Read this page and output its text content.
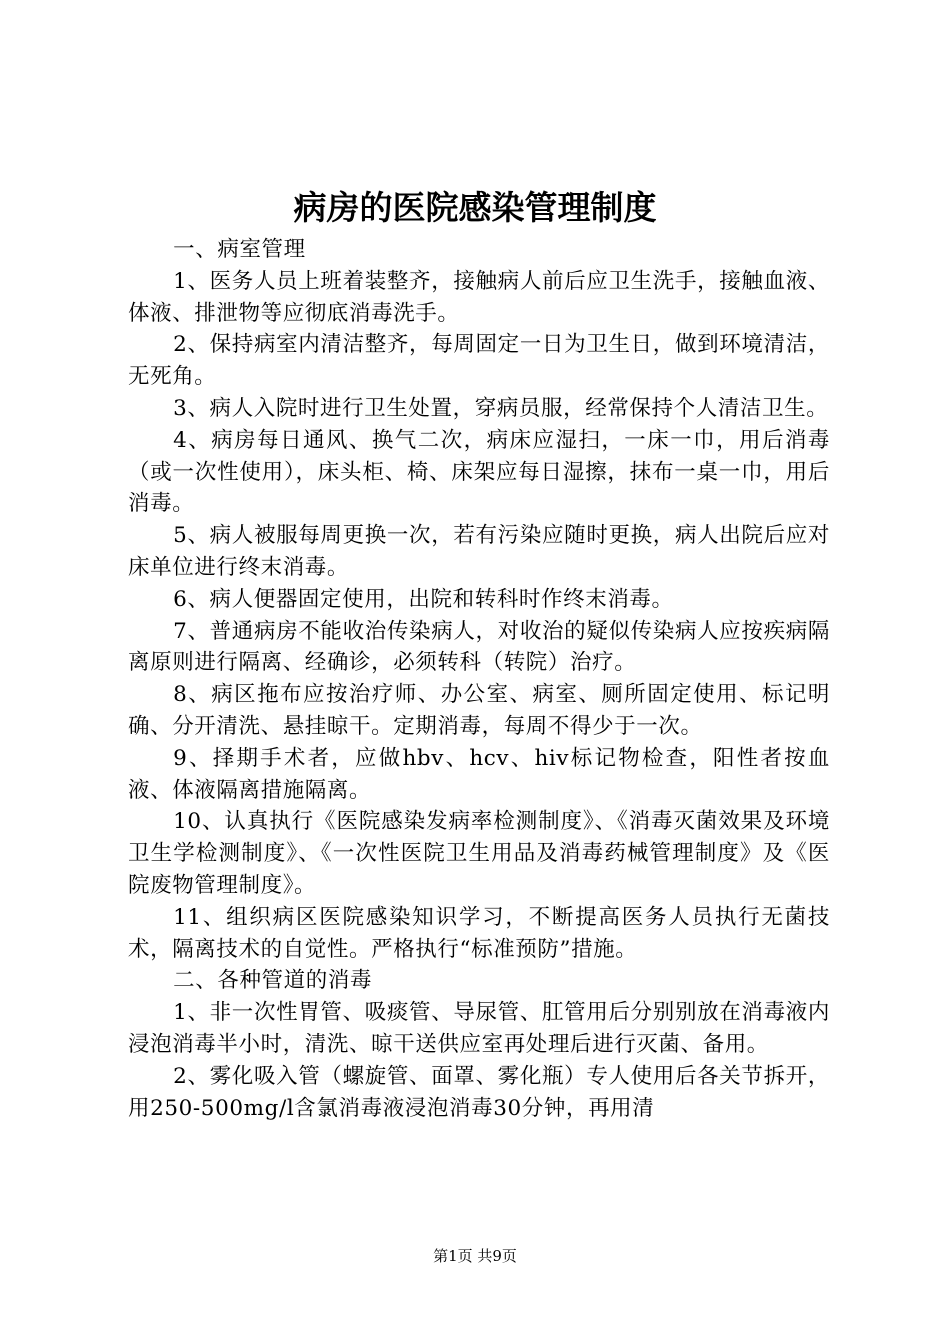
病房的医院感染管理制度

一、病室管理

1、医务人员上班着装整齐，接触病人前后应卫生洗手，接触血液、体液、排泄物等应彻底消毒洗手。

2、保持病室内清洁整齐，每周固定一日为卫生日，做到环境清洁，无死角。

3、病人入院时进行卫生处置，穿病员服，经常保持个人清洁卫生。

4、病房每日通风、换气二次，病床应湿扫，一床一巾，用后消毒（或一次性使用），床头柜、椅、床架应每日湿擦，抹布一桌一巾，用后消毒。

5、病人被服每周更换一次，若有污染应随时更换，病人出院后应对床单位进行终末消毒。

6、病人便器固定使用，出院和转科时作终末消毒。

7、普通病房不能收治传染病人，对收治的疑似传染病人应按疾病隔离原则进行隔离、经确诊，必须转科（转院）治疗。

8、病区拖布应按治疗师、办公室、病室、厕所固定使用、标记明确、分开清洗、悬挂晾干。定期消毒，每周不得少于一次。

9、择期手术者，应做hbv、hcv、hiv标记物检查，阳性者按血液、体液隔离措施隔离。

10、认真执行《医院感染发病率检测制度》、《消毒灭菌效果及环境卫生学检测制度》、《一次性医院卫生用品及消毒药械管理制度》及《医院废物管理制度》。

11、组织病区医院感染知识学习，不断提高医务人员执行无菌技术，隔离技术的自觉性。严格执行“标准预防”措施。

二、各种管道的消毒

1、非一次性胃管、吸痰管、导尿管、肛管用后分别别放在消毒液内浸泡消毒半小时，清洗、晾干送供应室再处理后进行灭菌、备用。

2、雾化吸入管（螺旋管、面罩、雾化瓶）专人使用后各关节拆开，用250-500mg/l含氯消毒液浸泡消毒30分钟，再用清

第1页 共9页
